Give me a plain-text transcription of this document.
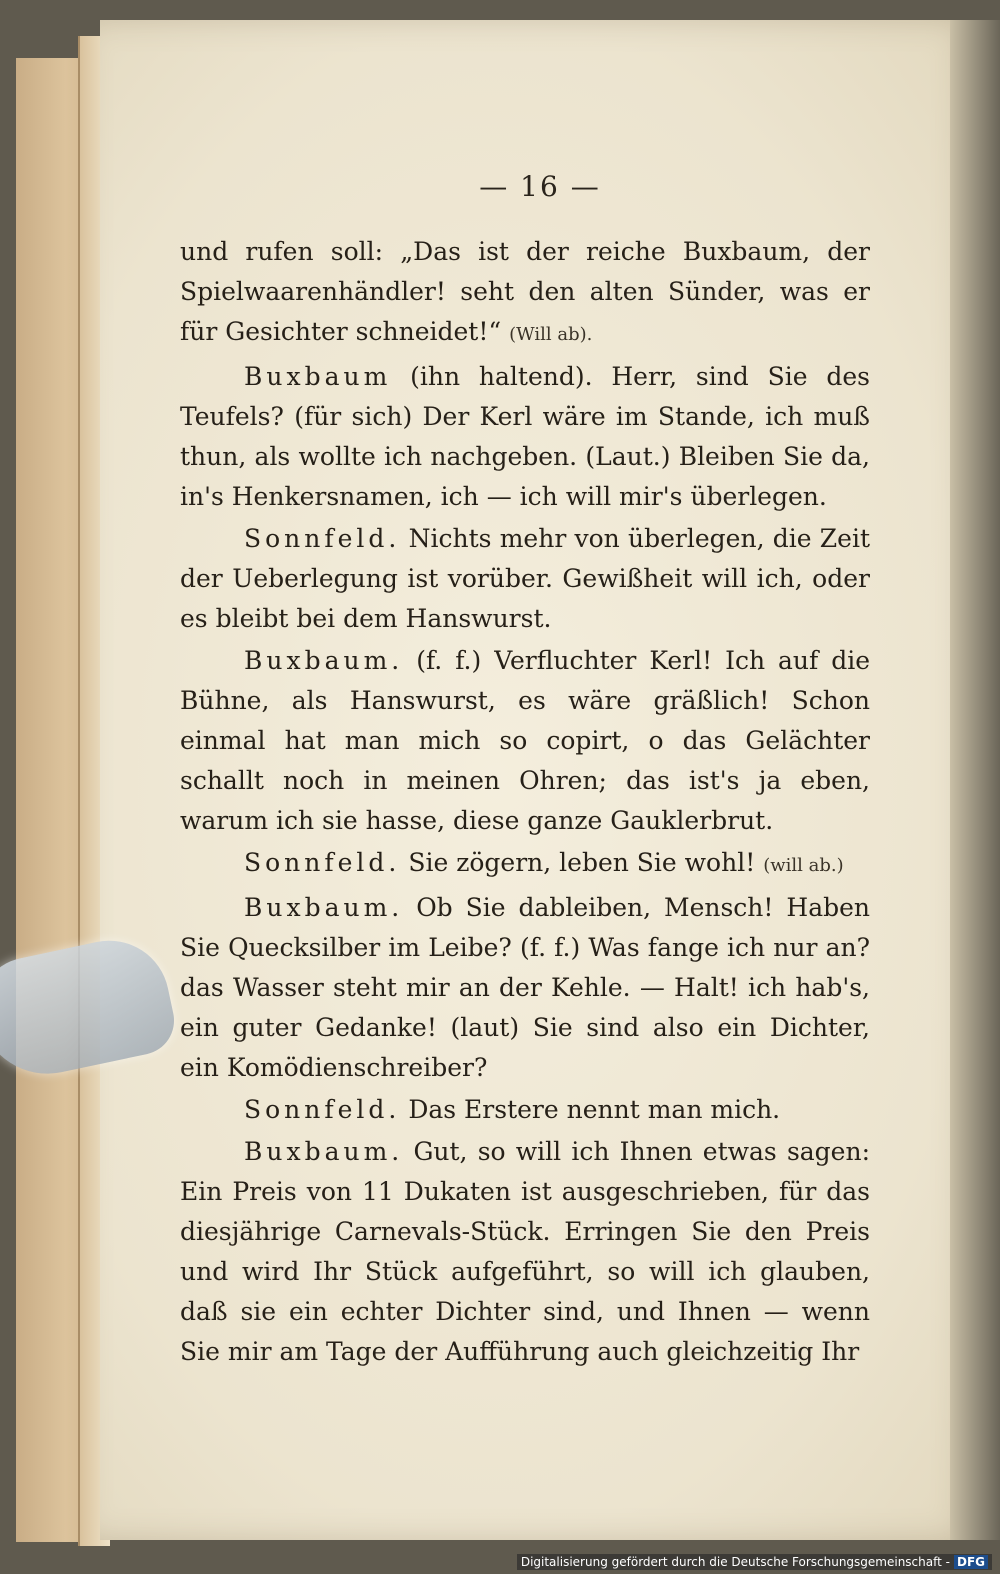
— 16 —

und rufen soll: „Das ist der reiche Buxbaum, der Spielwaarenhändler! seht den alten Sünder, was er für Gesichter schneidet!“ (Will ab).

Buxbaum (ihn haltend). Herr, sind Sie des Teufels? (für sich) Der Kerl wäre im Stande, ich muß thun, als wollte ich nachgeben. (Laut.) Bleiben Sie da, in's Henkersnamen, ich — ich will mir's überlegen.

Sonnfeld. Nichts mehr von überlegen, die Zeit der Ueberlegung ist vorüber. Gewißheit will ich, oder es bleibt bei dem Hanswurst.

Buxbaum. (f. f.) Verfluchter Kerl! Ich auf die Bühne, als Hanswurst, es wäre gräßlich! Schon einmal hat man mich so copirt, o das Gelächter schallt noch in meinen Ohren; das ist's ja eben, warum ich sie hasse, diese ganze Gauklerbrut.

Sonnfeld. Sie zögern, leben Sie wohl! (will ab.)

Buxbaum. Ob Sie dableiben, Mensch! Haben Sie Quecksilber im Leibe? (f. f.) Was fange ich nur an? das Wasser steht mir an der Kehle. — Halt! ich hab's, ein guter Gedanke! (laut) Sie sind also ein Dichter, ein Komödienschreiber?

Sonnfeld. Das Erstere nennt man mich.

Buxbaum. Gut, so will ich Ihnen etwas sagen: Ein Preis von 11 Dukaten ist ausgeschrieben, für das diesjährige Carnevals-Stück. Erringen Sie den Preis und wird Ihr Stück aufgeführt, so will ich glauben, daß sie ein echter Dichter sind, und Ihnen — wenn Sie mir am Tage der Aufführung auch gleichzeitig Ihr

Digitalisierung gefördert durch die Deutsche Forschungsgemeinschaft - DFG
